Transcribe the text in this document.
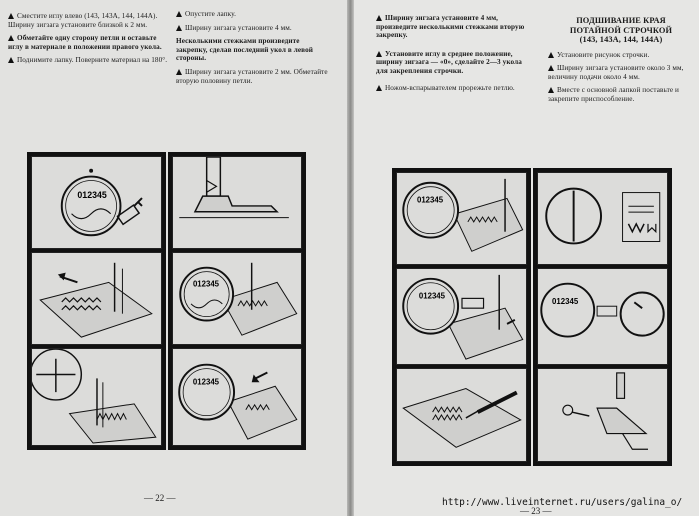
Сместите иглу влево (143, 143А, 144, 144А). Ширину зигзага установите близкой к 2 мм.

Обметайте одну сторону петли и оставьте иглу в материале в положении правого укола.

Поднимите лапку. Поверните материал на 180°.

Опустите лапку.

Ширину зигзага установите 4 мм.

Несколькими стежками произведите закрепку, сделав последний укол в левой стороны.

Ширину зигзага установите 2 мм. Обметайте вторую половину петли.

Ширину зигзага установите 4 мм, произведите несколькими стежками вторую закрепку.

Установите иглу в среднее положение, ширину зигзага — «0», сделайте 2—3 укола для закрепления строчки.

Ножом-вспарывателем прорежьте петлю.

ПОДШИВАНИЕ КРАЯ
ПОТАЙНОЙ СТРОЧКОЙ
(143, 143А, 144, 144А)

Установите рисунок строчки.

Ширину зигзага установите около 3 мм, величину подачи около 4 мм.

Вместе с основной лапкой поставьте и закрепите приспособление.

012345
012345
012345
012345
012345
012345
— 22 —
— 23 —
http://www.liveinternet.ru/users/galina_o/
